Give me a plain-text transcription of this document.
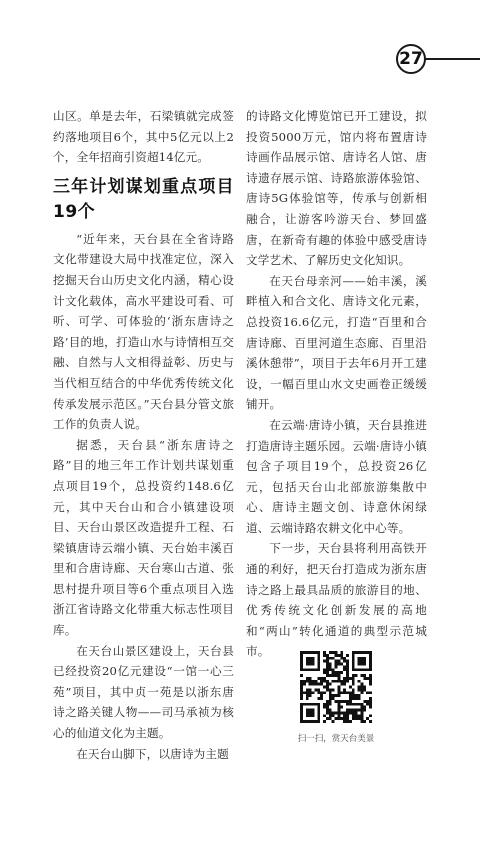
27

山区。单是去年，石梁镇就完成签约落地项目6个，其中5亿元以上2个，全年招商引资超14亿元。

三年计划谋划重点项目19个

“近年来，天台县在全省诗路文化带建设大局中找准定位，深入挖掘天台山历史文化内涵，精心设计文化载体，高水平建设可看、可听、可学、可体验的‘浙东唐诗之路’目的地，打造山水与诗情相互交融、自然与人文相得益彰、历史与当代相互结合的中华优秀传统文化传承发展示范区。”天台县分管文旅工作的负责人说。

据悉，天台县“浙东唐诗之路”目的地三年工作计划共谋划重点项目19个，总投资约148.6亿元，其中天台山和合小镇建设项目、天台山景区改造提升工程、石梁镇唐诗云端小镇、天台始丰溪百里和合唐诗廊、天台寒山古道、张思村提升项目等6个重点项目入选浙江省诗路文化带重大标志性项目库。

在天台山景区建设上，天台县已经投资20亿元建设“一馆一心三苑”项目，其中贞一苑是以浙东唐诗之路关键人物——司马承祯为核心的仙道文化为主题。

在天台山脚下，以唐诗为主题

的诗路文化博览馆已开工建设，拟投资5000万元，馆内将布置唐诗诗画作品展示馆、唐诗名人馆、唐诗遗存展示馆、诗路旅游体验馆、唐诗5G体验馆等，传承与创新相融合，让游客吟游天台、梦回盛唐，在新奇有趣的体验中感受唐诗文学艺术、了解历史文化知识。

在天台母亲河——始丰溪，溪畔植入和合文化、唐诗文化元素，总投资16.6亿元，打造“百里和合唐诗廊、百里河道生态廊、百里沿溪休憩带”，项目于去年6月开工建设，一幅百里山水文史画卷正缓缓铺开。

在云端·唐诗小镇，天台县推进打造唐诗主题乐园。云端·唐诗小镇包含子项目19个，总投资26亿元，包括天台山北部旅游集散中心、唐诗主题文创、诗意休闲绿道、云端诗路农耕文化中心等。

下一步，天台县将利用高铁开通的利好，把天台打造成为浙东唐诗之路上最具品质的旅游目的地、优秀传统文化创新发展的高地和“两山”转化通道的典型示范城市。

扫一扫，赏天台美景
